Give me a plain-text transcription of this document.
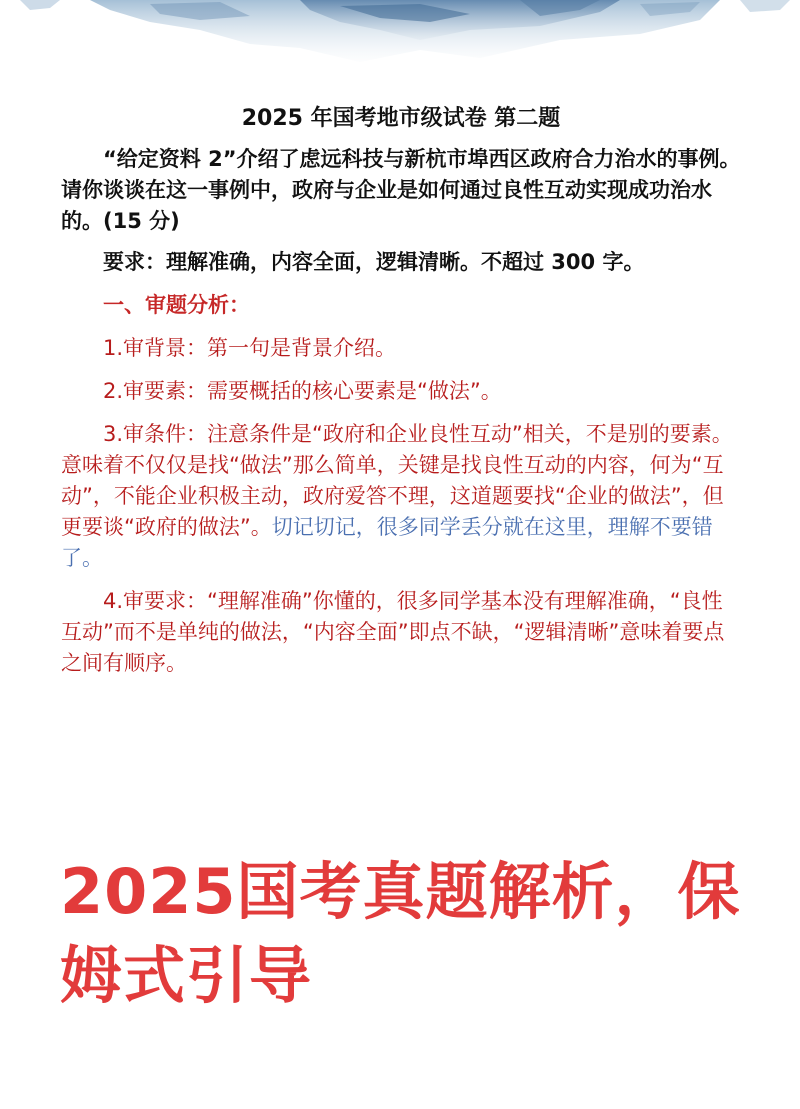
2025 年国考地市级试卷 第二题
“给定资料 2”介绍了虑远科技与新杭市埠西区政府合力治水的事例。请你谈谈在这一事例中，政府与企业是如何通过良性互动实现成功治水的。(15 分)
要求：理解准确，内容全面，逻辑清晰。不超过 300 字。
一、审题分析：
1.审背景：第一句是背景介绍。
2.审要素：需要概括的核心要素是“做法”。
3.审条件：注意条件是“政府和企业良性互动”相关，不是别的要素。意味着不仅仅是找“做法”那么简单，关键是找良性互动的内容，何为“互动”，不能企业积极主动，政府爱答不理，这道题要找“企业的做法”，但更要谈“政府的做法”。切记切记，很多同学丢分就在这里，理解不要错了。
4.审要求：“理解准确”你懂的，很多同学基本没有理解准确，“良性互动”而不是单纯的做法，“内容全面”即点不缺，“逻辑清晰”意味着要点之间有顺序。
2025国考真题解析，保姆式引导
